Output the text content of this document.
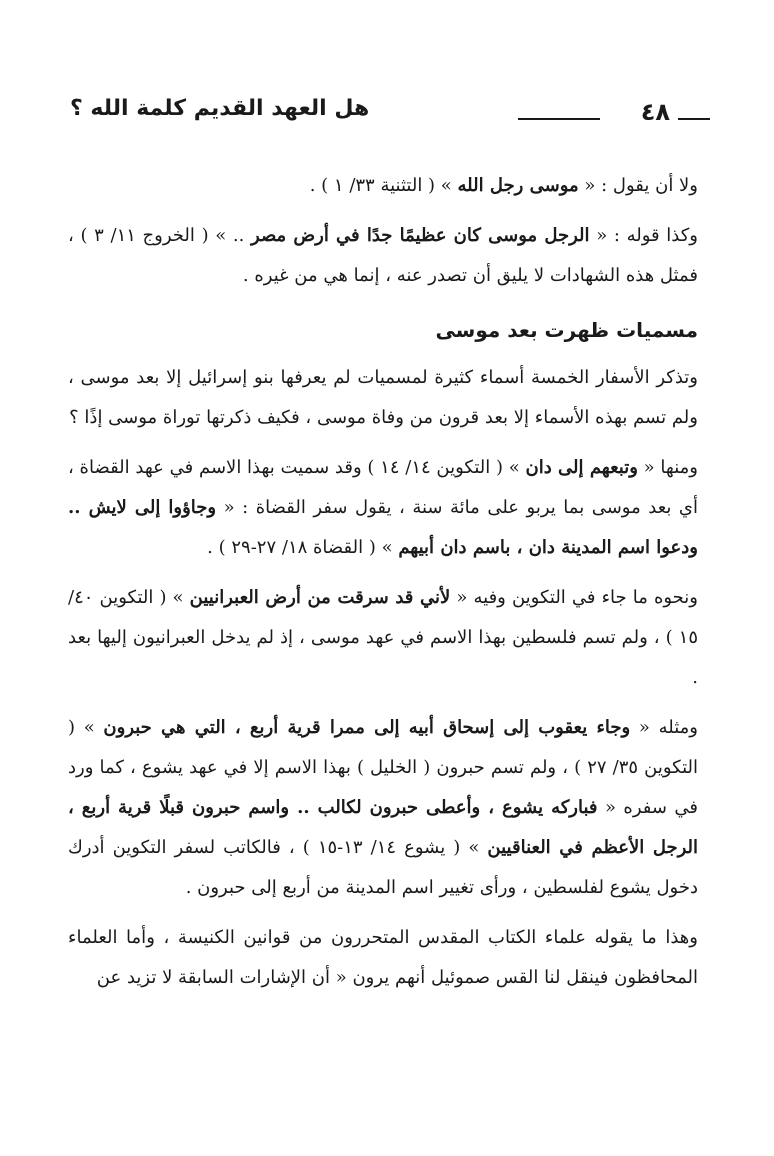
٤٨
هل العهد القديم كلمة الله ؟

ولا أن يقول : « موسى رجل الله » ( التثنية ٣٣/ ١ ) .

وكذا قوله : « الرجل موسى كان عظيمًا جدًا في أرض مصر .. » ( الخروج ١١/ ٣ ) ، فمثل هذه الشهادات لا يليق أن تصدر عنه ، إنما هي من غيره .

مسميات ظهرت بعد موسى

وتذكر الأسفار الخمسة أسماء كثيرة لمسميات لم يعرفها بنو إسرائيل إلا بعد موسى ، ولم تسم بهذه الأسماء إلا بعد قرون من وفاة موسى ، فكيف ذكرتها توراة موسى إذًا ؟

ومنها « وتبعهم إلى دان » ( التكوين ١٤/ ١٤ ) وقد سميت بهذا الاسم في عهد القضاة ، أي بعد موسى بما يربو على مائة سنة ، يقول سفر القضاة : « وجاؤوا إلى لايش .. ودعوا اسم المدينة دان ، باسم دان أبيهم » ( القضاة ١٨/ ٢٧-٢٩ ) .

ونحوه ما جاء في التكوين وفيه « لأني قد سرقت من أرض العبرانيين » ( التكوين ٤٠/ ١٥ ) ، ولم تسم فلسطين بهذا الاسم في عهد موسى ، إذ لم يدخل العبرانيون إليها بعد .

ومثله « وجاء يعقوب إلى إسحاق أبيه إلى ممرا قرية أربع ، التي هي حبرون » ( التكوين ٣٥/ ٢٧ ) ، ولم تسم حبرون ( الخليل ) بهذا الاسم إلا في عهد يشوع ، كما ورد في سفره « فباركه يشوع ، وأعطى حبرون لكالب .. واسم حبرون قبلًا قرية أربع ، الرجل الأعظم في العناقيين » ( يشوع ١٤/ ١٣-١٥ ) ، فالكاتب لسفر التكوين أدرك دخول يشوع لفلسطين ، ورأى تغيير اسم المدينة من أربع إلى حبرون .

وهذا ما يقوله علماء الكتاب المقدس المتحررون من قوانين الكنيسة ، وأما العلماء المحافظون فينقل لنا القس صموئيل أنهم يرون « أن الإشارات السابقة لا تزيد عن
